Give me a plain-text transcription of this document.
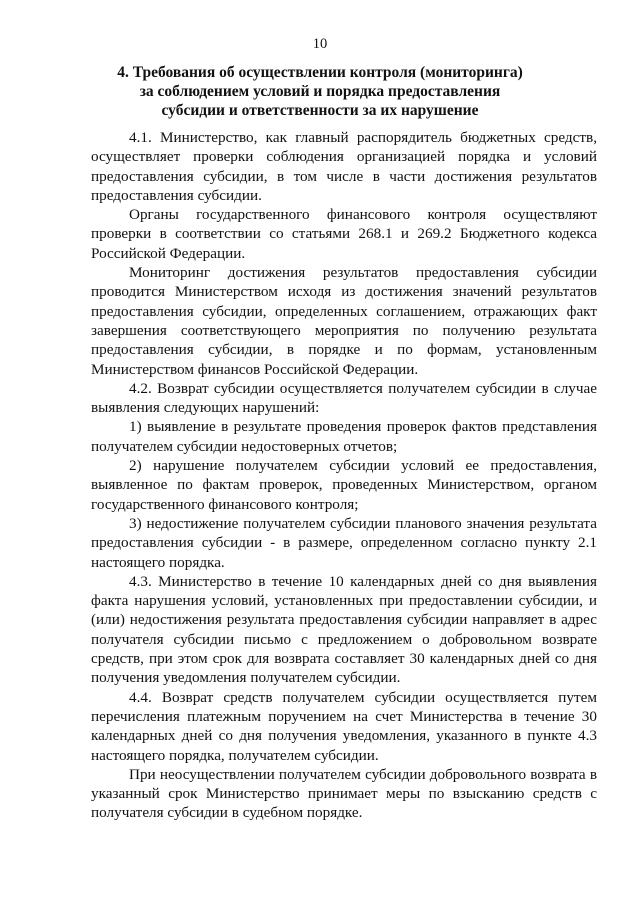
10
4. Требования об осуществлении контроля (мониторинга)
за соблюдением условий и порядка предоставления
субсидии и ответственности за их нарушение

4.1. Министерство, как главный распорядитель бюджетных средств, осуществляет проверки соблюдения организацией порядка и условий предоставления субсидии, в том числе в части достижения результатов предоставления субсидии.

Органы государственного финансового контроля осуществляют проверки в соответствии со статьями 268.1 и 269.2 Бюджетного кодекса Российской Федерации.

Мониторинг достижения результатов предоставления субсидии проводится Министерством исходя из достижения значений результатов предоставления субсидии, определенных соглашением, отражающих факт завершения соответствующего мероприятия по получению результата предоставления субсидии, в порядке и по формам, установленным Министерством финансов Российской Федерации.

4.2. Возврат субсидии осуществляется получателем субсидии в случае выявления следующих нарушений:

1) выявление в результате проведения проверок фактов представления получателем субсидии недостоверных отчетов;

2) нарушение получателем субсидии условий ее предоставления, выявленное по фактам проверок, проведенных Министерством, органом государственного финансового контроля;

3) недостижение получателем субсидии планового значения результата предоставления субсидии - в размере, определенном согласно пункту 2.1 настоящего порядка.

4.3. Министерство в течение 10 календарных дней со дня выявления факта нарушения условий, установленных при предоставлении субсидии, и (или) недостижения результата предоставления субсидии направляет в адрес получателя субсидии письмо с предложением о добровольном возврате средств, при этом срок для возврата составляет 30 календарных дней со дня получения уведомления получателем субсидии.

4.4. Возврат средств получателем субсидии осуществляется путем перечисления платежным поручением на счет Министерства в течение 30 календарных дней со дня получения уведомления, указанного в пункте 4.3 настоящего порядка, получателем субсидии.

При неосуществлении получателем субсидии добровольного возврата в указанный срок Министерство принимает меры по взысканию средств с получателя субсидии в судебном порядке.
